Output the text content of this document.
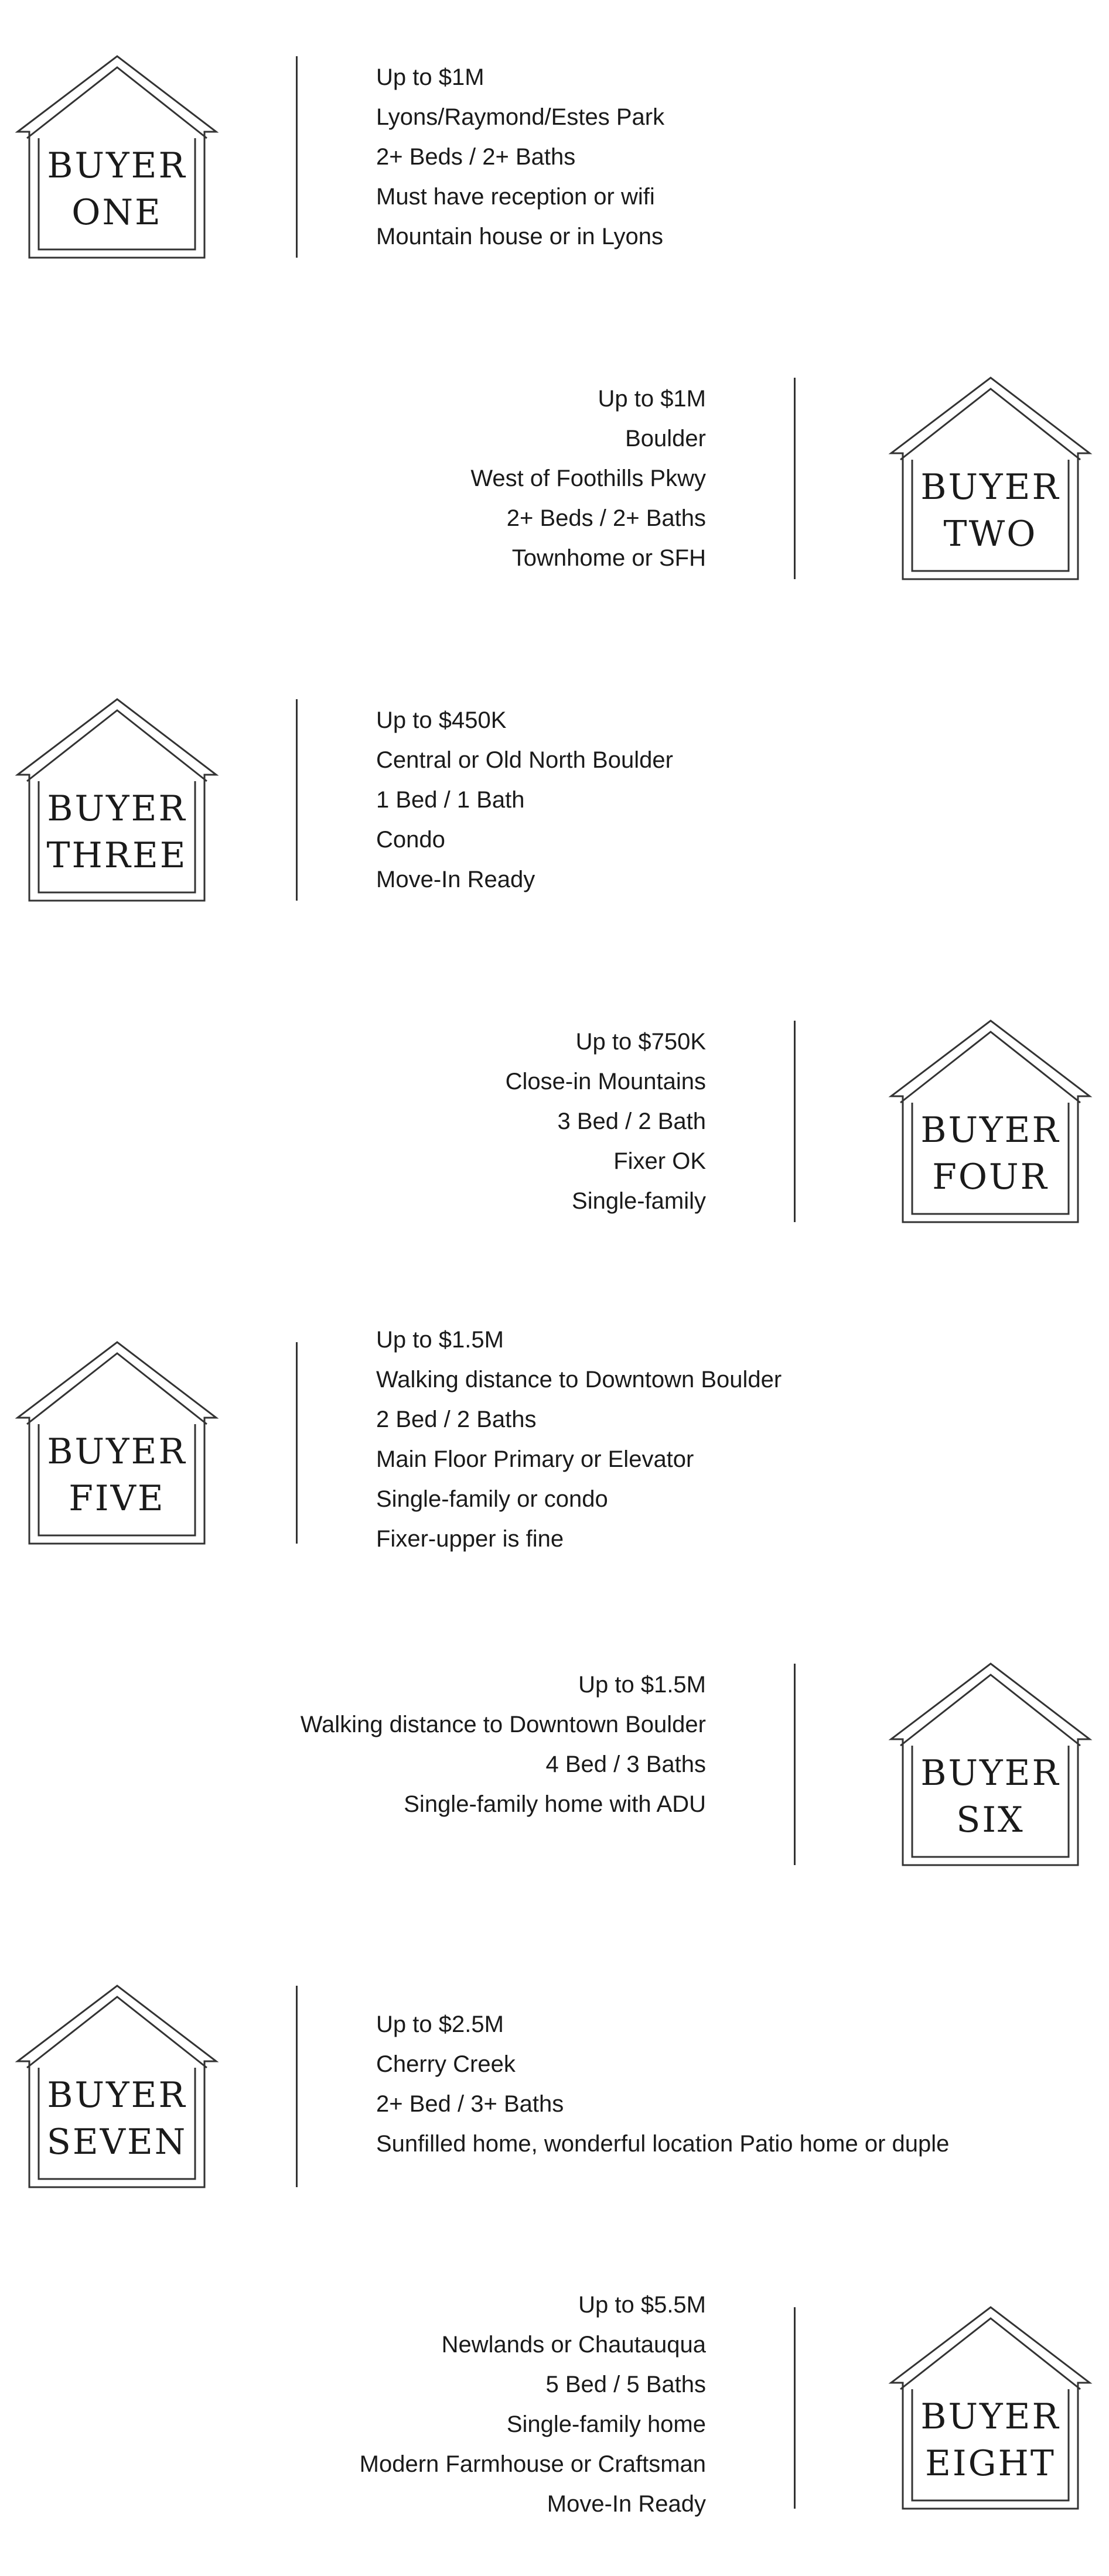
BUYER
ONE
Up to $1M
Lyons/Raymond/Estes Park
2+ Beds / 2+ Baths
Must have reception or wifi
Mountain house or in Lyons
BUYER
TWO
Up to $1M
Boulder
West of Foothills Pkwy
2+ Beds / 2+ Baths
Townhome or SFH
BUYER
THREE
Up to $450K
Central or Old North Boulder
1 Bed / 1 Bath
Condo
Move-In Ready
BUYER
FOUR
Up to $750K
Close-in Mountains
3 Bed / 2 Bath
Fixer OK
Single-family
BUYER
FIVE
Up to $1.5M
Walking distance to Downtown Boulder
2 Bed / 2 Baths
Main Floor Primary or Elevator
Single-family or condo
Fixer-upper is fine
BUYER
SIX
Up to $1.5M
Walking distance to Downtown Boulder
4 Bed / 3 Baths
Single-family home with ADU
BUYER
SEVEN
Up to $2.5M
Cherry Creek
2+ Bed / 3+ Baths
Sunfilled home, wonderful location Patio home or duple
BUYER
EIGHT
Up to $5.5M
Newlands or Chautauqua
5 Bed / 5 Baths
Single-family home
Modern Farmhouse or Craftsman
Move-In Ready
